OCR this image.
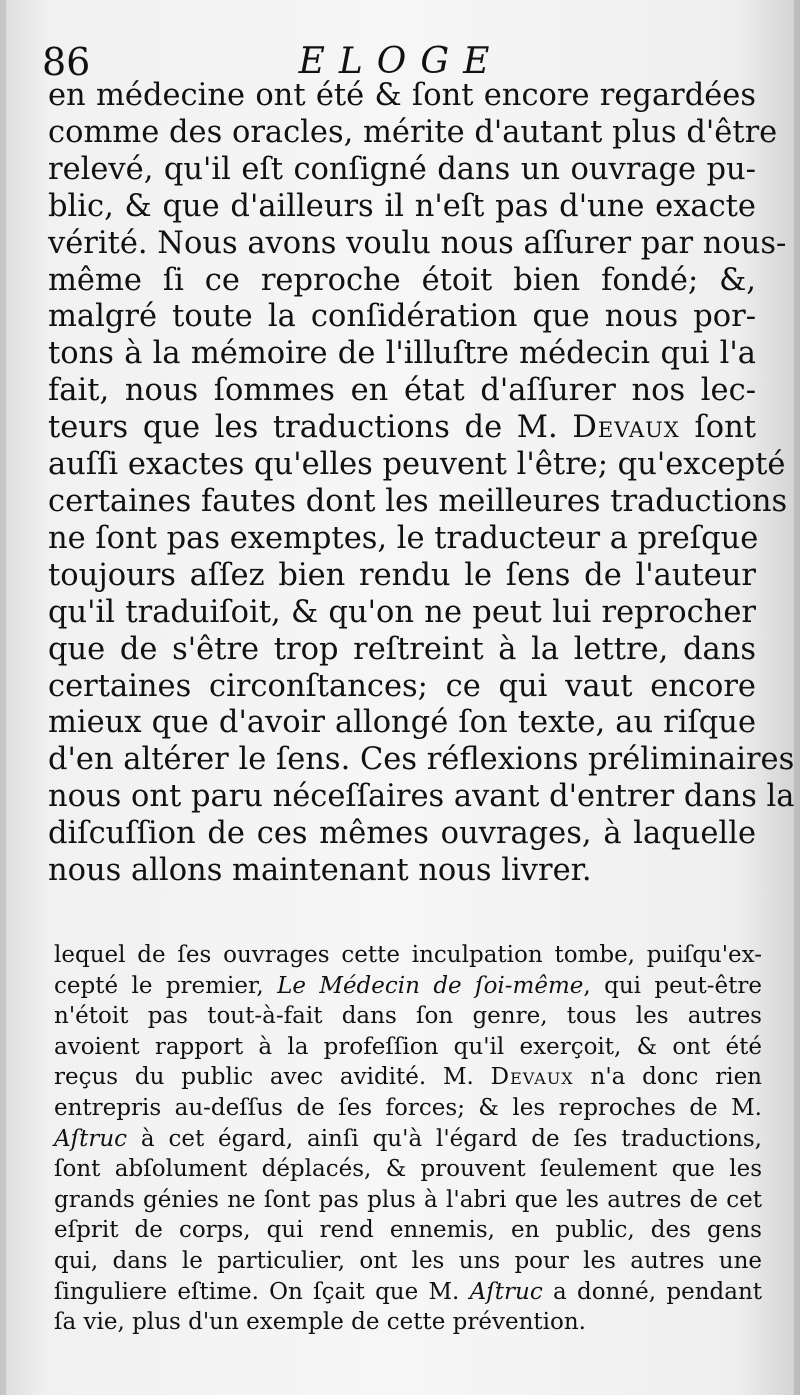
86	ELOGE
en médecine ont été & ſont encore regardées
comme des oracles, mérite d'autant plus d'être
relevé, qu'il eſt conſigné dans un ouvrage pu-
blic, & que d'ailleurs il n'eſt pas d'une exacte
vérité. Nous avons voulu nous aſſurer par nous-
même ſi ce reproche étoit bien fondé; &,
malgré toute la conſidération que nous por-
tons à la mémoire de l'illuſtre médecin qui l'a
fait, nous ſommes en état d'aſſurer nos lec-
teurs que les traductions de M. Devaux ſont
auſſi exactes qu'elles peuvent l'être; qu'excepté
certaines fautes dont les meilleures traductions
ne ſont pas exemptes, le traducteur a preſque
toujours aſſez bien rendu le ſens de l'auteur
qu'il traduiſoit, & qu'on ne peut lui reprocher
que de s'être trop reſtreint à la lettre, dans
certaines circonſtances; ce qui vaut encore
mieux que d'avoir allongé ſon texte, au riſque
d'en altérer le ſens. Ces réflexions préliminaires
nous ont paru néceſſaires avant d'entrer dans la
diſcuſſion de ces mêmes ouvrages, à laquelle
nous allons maintenant nous livrer.
lequel de ſes ouvrages cette inculpation tombe, puiſqu'ex-
cepté le premier, Le Médecin de ſoi-même, qui peut-être
n'étoit pas tout-à-fait dans ſon genre, tous les autres
avoient rapport à la profeſſion qu'il exerçoit, & ont été
reçus du public avec avidité. M. Devaux n'a donc rien
entrepris au-deſſus de ſes forces; & les reproches de M.
Aſtruc à cet égard, ainſi qu'à l'égard de ſes traductions,
ſont abſolument déplacés, & prouvent ſeulement que les
grands génies ne ſont pas plus à l'abri que les autres de cet
eſprit de corps, qui rend ennemis, en public, des gens
qui, dans le particulier, ont les uns pour les autres une
ſinguliere eſtime. On ſçait que M. Aſtruc a donné, pendant
ſa vie, plus d'un exemple de cette prévention.
